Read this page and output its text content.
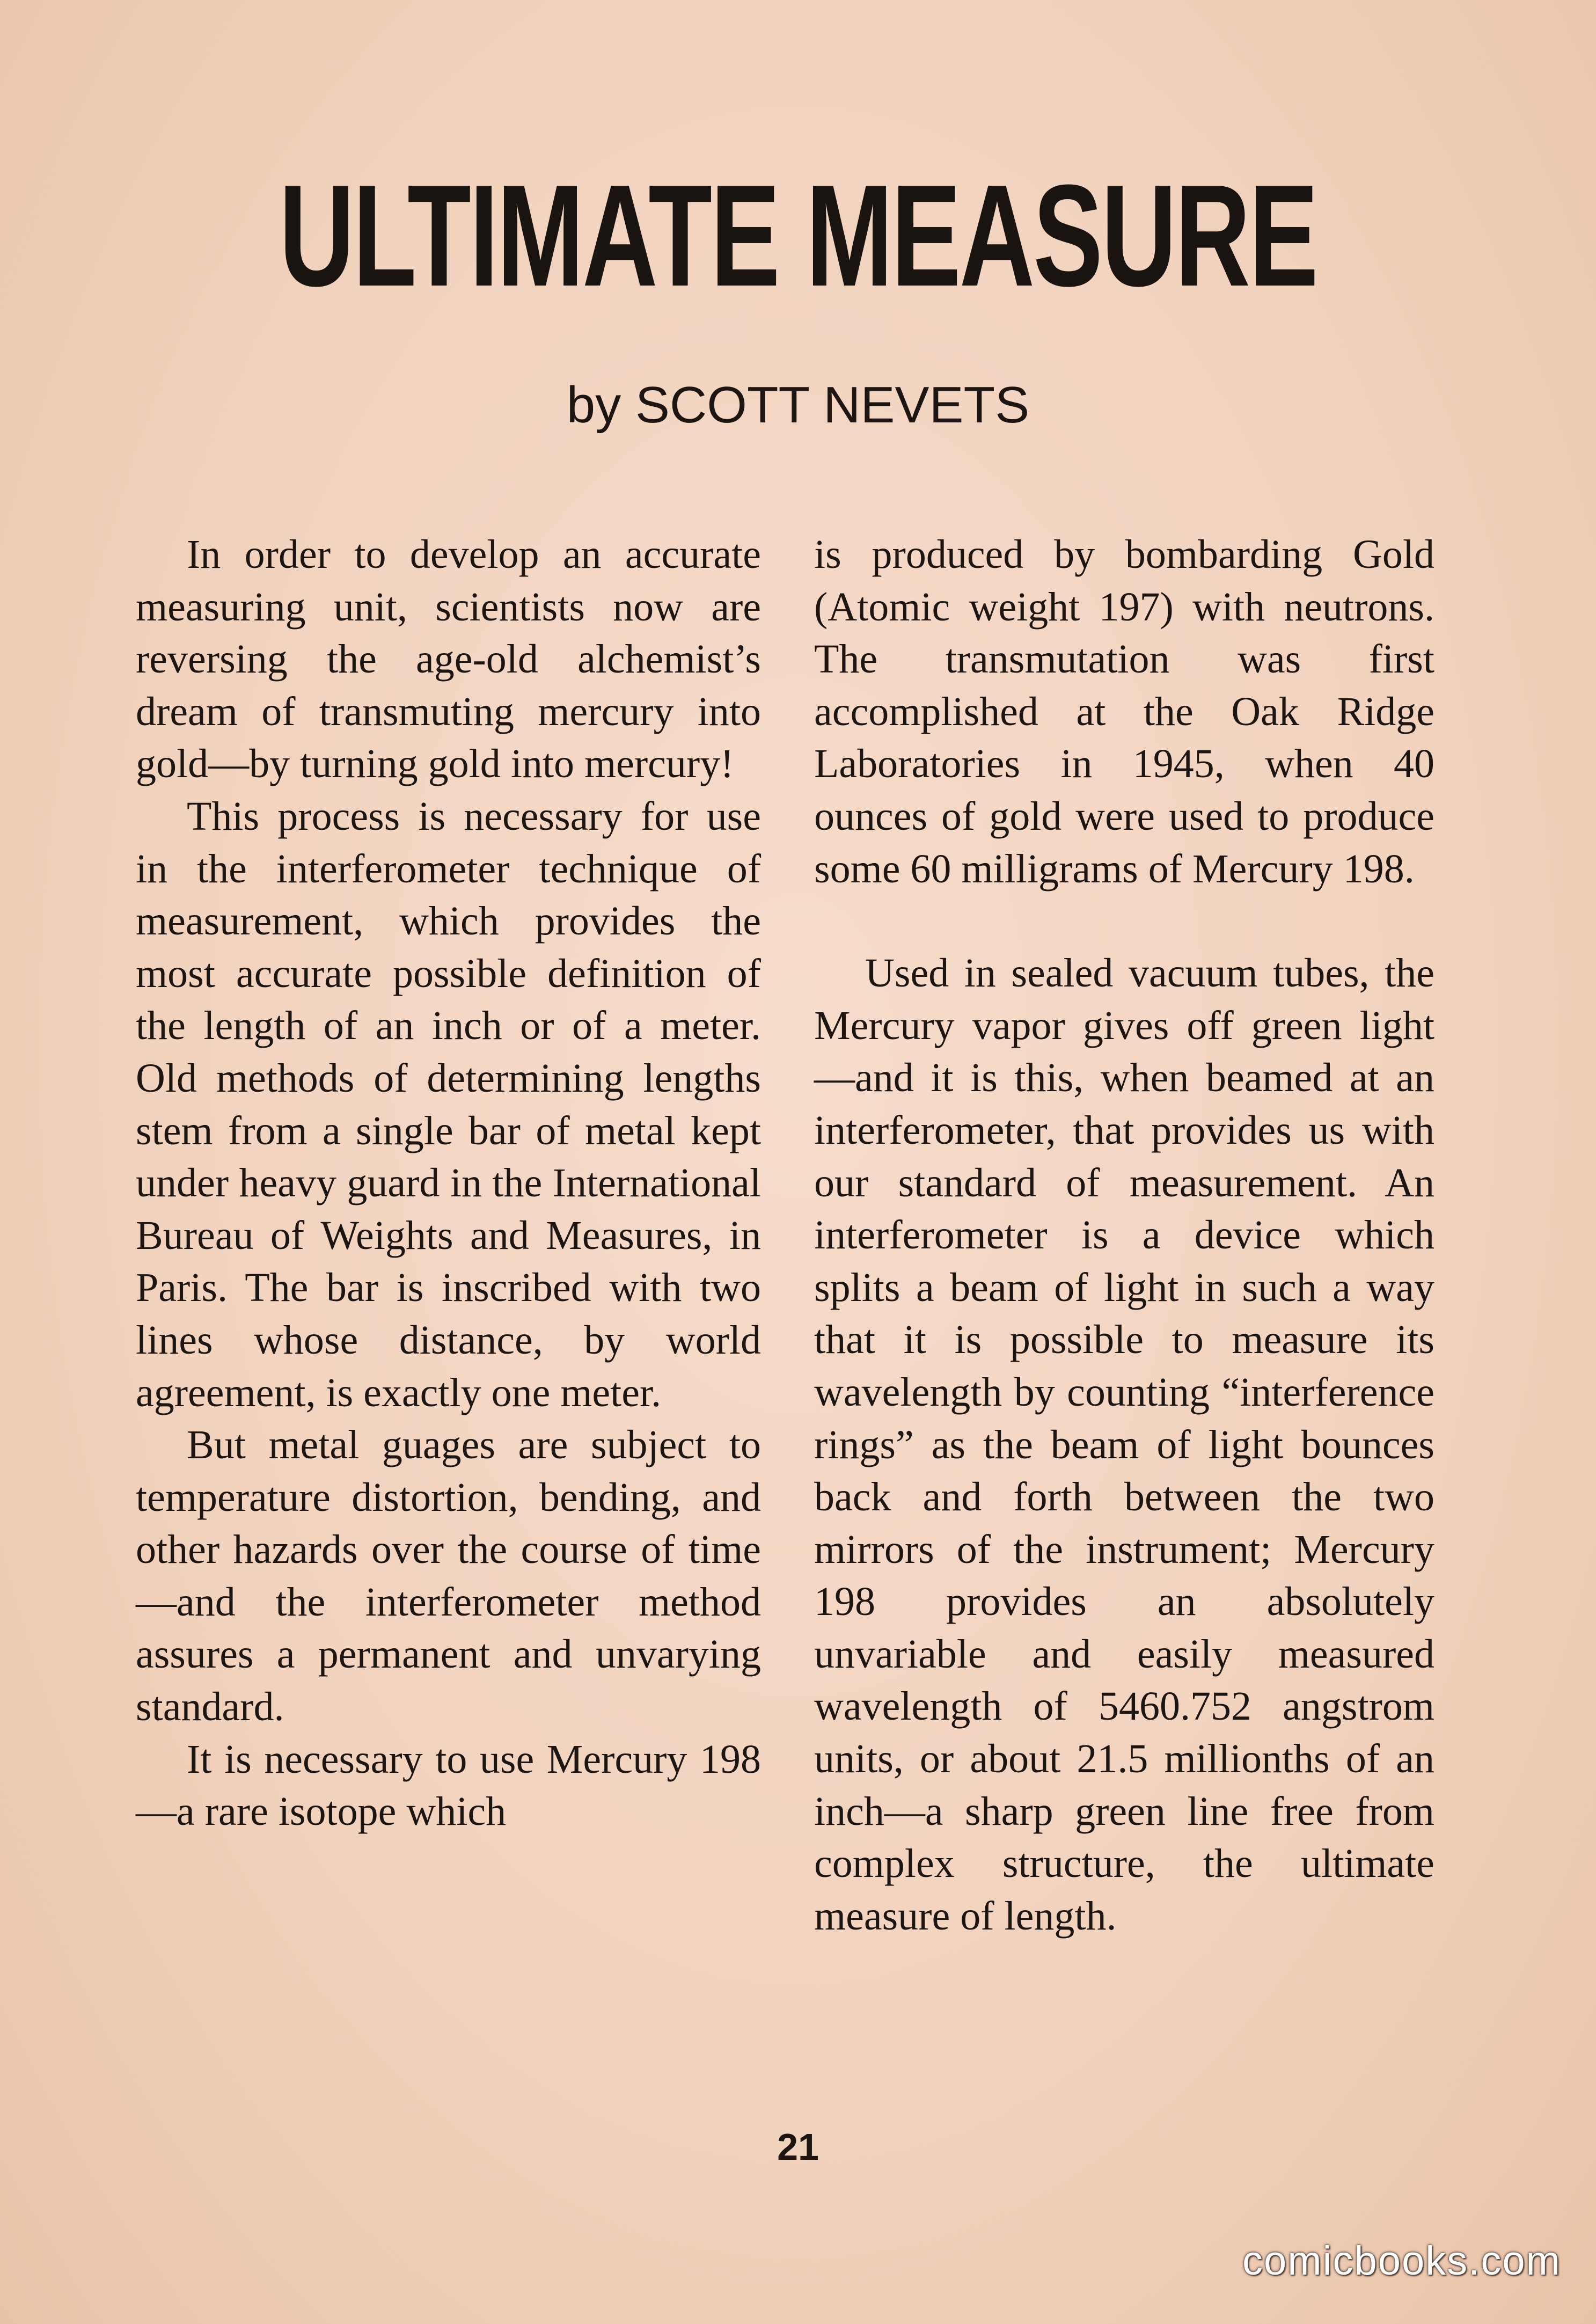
ULTIMATE MEASURE
by SCOTT NEVETS

In order to develop an accurate measuring unit, scientists now are reversing the age-old alchemist’s dream of transmuting mercury into gold—by turning gold into mercury!

This process is necessary for use in the interferometer technique of measurement, which provides the most accurate possible definition of the length of an inch or of a meter. Old methods of determining lengths stem from a single bar of metal kept under heavy guard in the International Bureau of Weights and Measures, in Paris. The bar is inscribed with two lines whose distance, by world agreement, is exactly one meter.

But metal guages are subject to temperature distortion, bending, and other hazards over the course of time—and the interferometer method assures a permanent and unvarying standard.

It is necessary to use Mercury 198—a rare isotope which

is produced by bombarding Gold (Atomic weight 197) with neutrons. The transmutation was first accomplished at the Oak Ridge Laboratories in 1945, when 40 ounces of gold were used to produce some 60 milligrams of Mercury 198.

Used in sealed vacuum tubes, the Mercury vapor gives off green light—and it is this, when beamed at an interferometer, that provides us with our standard of measurement. An interferometer is a device which splits a beam of light in such a way that it is possible to measure its wavelength by counting “interference rings” as the beam of light bounces back and forth between the two mirrors of the instrument; Mercury 198 provides an absolutely unvariable and easily measured wavelength of 5460.752 angstrom units, or about 21.5 millionths of an inch—a sharp green line free from complex structure, the ultimate measure of length.

21
comicbooks.com
